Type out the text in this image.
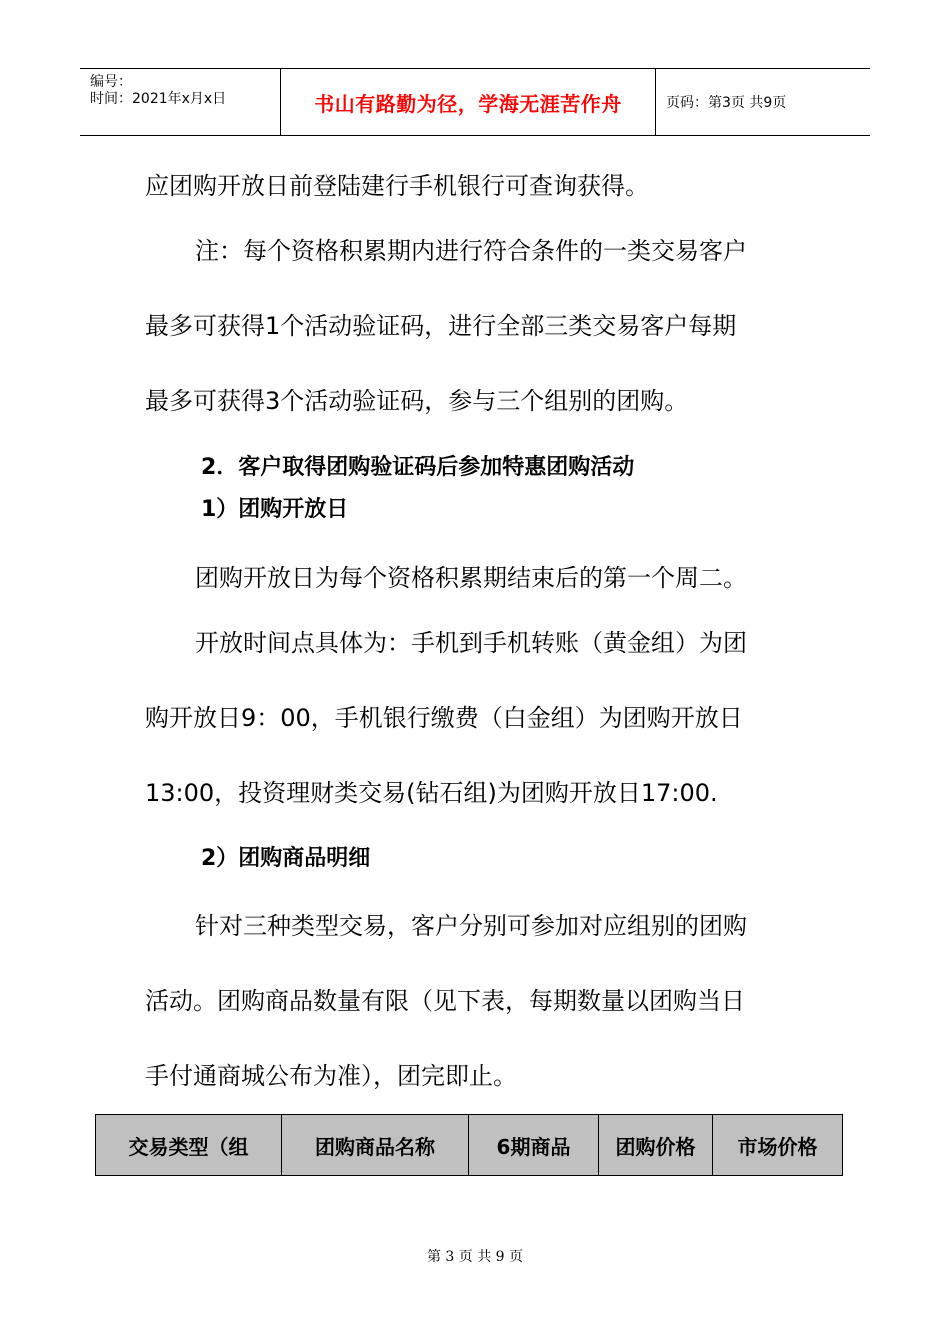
编号：
时间：2021年x月x日	书山有路勤为径，学海无涯苦作舟	页码：第3页 共9页
应团购开放日前登陆建行手机银行可查询获得。
注：每个资格积累期内进行符合条件的一类交易客户
最多可获得1个活动验证码，进行全部三类交易客户每期
最多可获得3个活动验证码，参与三个组别的团购。
2．客户取得团购验证码后参加特惠团购活动
1）团购开放日
团购开放日为每个资格积累期结束后的第一个周二。
开放时间点具体为：手机到手机转账（黄金组）为团
购开放日9：00，手机银行缴费（白金组）为团购开放日
13:00，投资理财类交易(钻石组)为团购开放日17:00.
2）团购商品明细
针对三种类型交易，客户分别可参加对应组别的团购
活动。团购商品数量有限（见下表，每期数量以团购当日
手付通商城公布为准），团完即止。
交易类型（组	团购商品名称	6期商品	团购价格	市场价格
第 3 页 共 9 页
